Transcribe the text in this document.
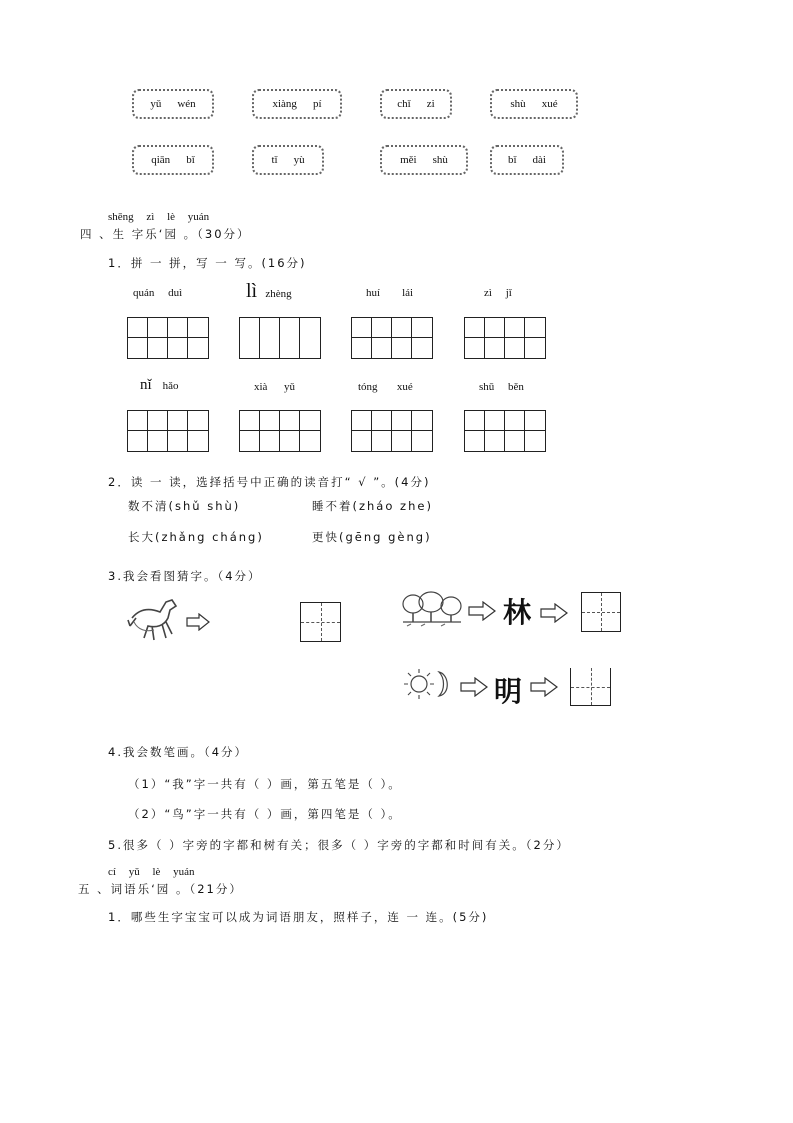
yǔ wén	xiàng pí	chǐ zi	shù xué
qiān bǐ	tǐ yù	měi shù	bǐ dài
shēng zì lè yuán
四 、生 字乐‘园 。（30分）
1．拼 一 拼，写 一 写。(16分)
quán duì	lì zhèng	huí lái	zì jǐ
nǐ hǎo	xià yǔ	tóng xué	shū běn
2．读 一 读，选择括号中正确的读音打“ √ ”。(4分)
数不清(shǔ shù)	睡不着(zháo zhe)
长大(zhǎng cháng)	更快(gēng gèng)
3.我会看图猜字。（4分）
林
明
4.我会数笔画。（4分）
（1）“我”字一共有（ ）画，第五笔是（ ）。
（2）“鸟”字一共有（ ）画，第四笔是（ ）。
5.很多（ ）字旁的字都和树有关；很多（ ）字旁的字都和时间有关。（2分）
cí yǔ lè yuán
五 、词语乐‘园 。（21分）
1．哪些生字宝宝可以成为词语朋友，照样子，连 一 连。(5分)
